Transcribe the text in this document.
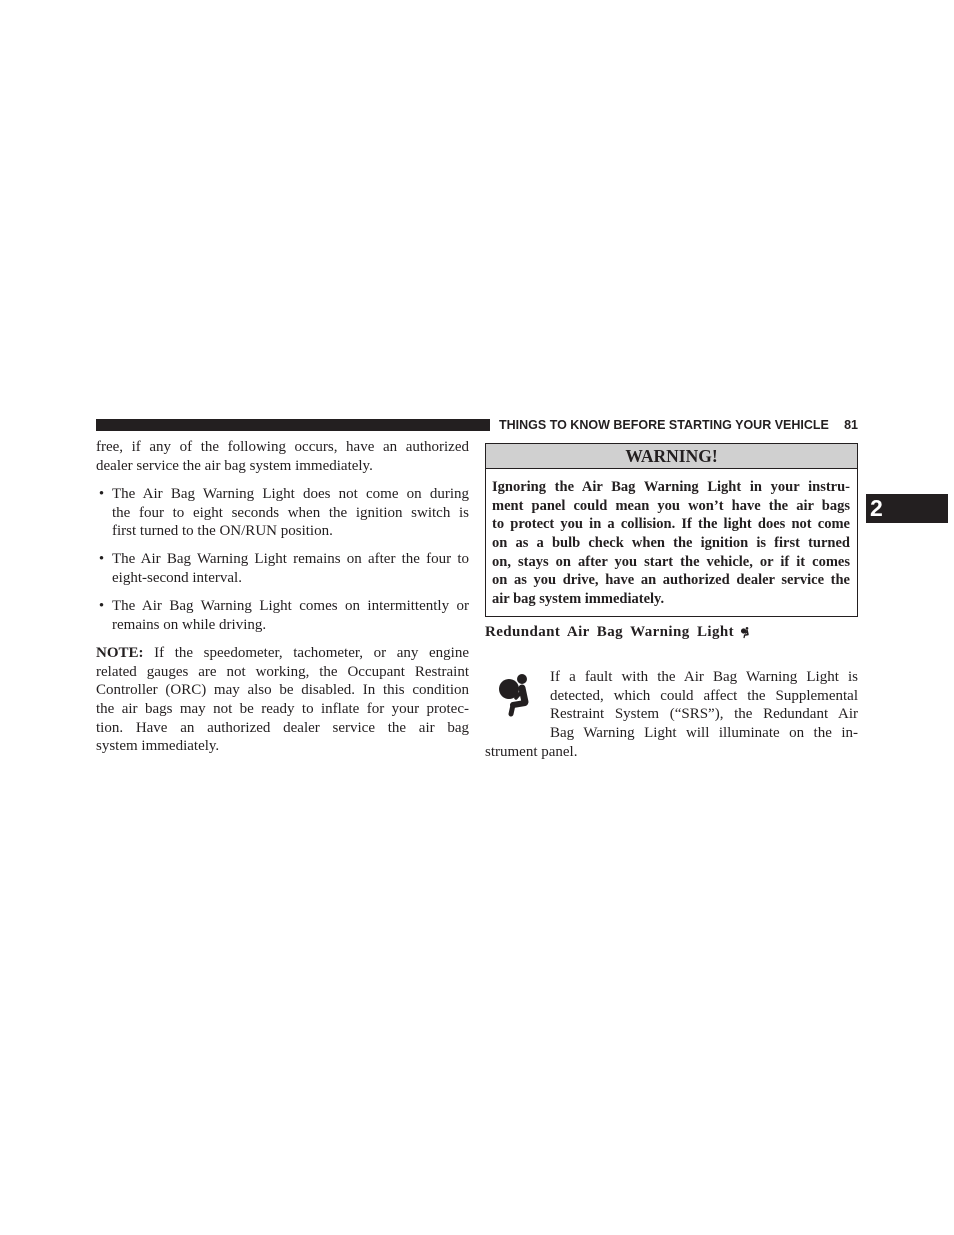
THINGS TO KNOW BEFORE STARTING YOUR VEHICLE 81
2
free, if any of the following occurs, have an authorized
dealer service the air bag system immediately.
• The Air Bag Warning Light does not come on during
the four to eight seconds when the ignition switch is
first turned to the ON/RUN position.
• The Air Bag Warning Light remains on after the four to
eight-second interval.
• The Air Bag Warning Light comes on intermittently or
remains on while driving.
NOTE: If the speedometer, tachometer, or any engine
related gauges are not working, the Occupant Restraint
Controller (ORC) may also be disabled. In this condition
the air bags may not be ready to inflate for your protec-
tion. Have an authorized dealer service the air bag
system immediately.
WARNING!
Ignoring the Air Bag Warning Light in your instru-
ment panel could mean you won’t have the air bags
to protect you in a collision. If the light does not come
on as a bulb check when the ignition is first turned
on, stays on after you start the vehicle, or if it comes
on as you drive, have an authorized dealer service the
air bag system immediately.
Redundant Air Bag Warning Light
If a fault with the Air Bag Warning Light is
detected, which could affect the Supplemental
Restraint System (“SRS”), the Redundant Air
Bag Warning Light will illuminate on the in-
strument panel.
